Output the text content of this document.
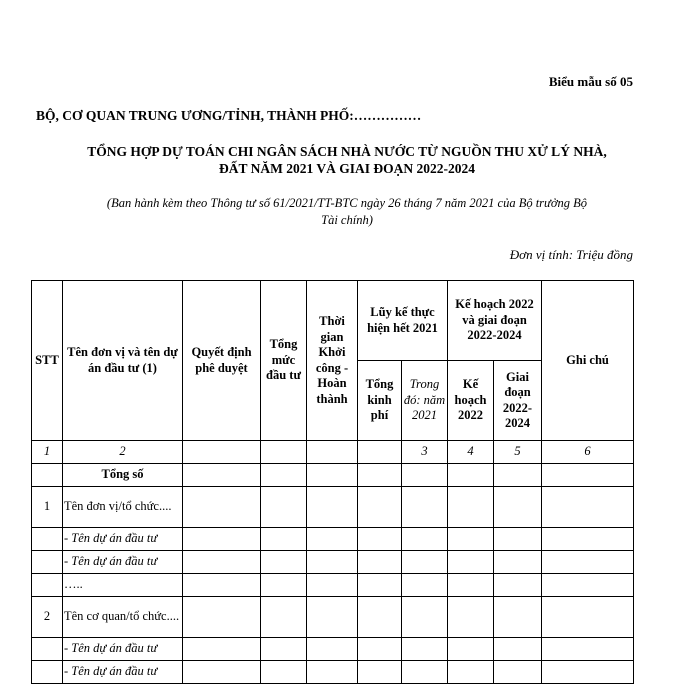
Biểu mẫu số 05
BỘ, CƠ QUAN TRUNG ƯƠNG/TỈNH, THÀNH PHỐ:……………
TỔNG HỢP DỰ TOÁN CHI NGÂN SÁCH NHÀ NƯỚC TỪ NGUỒN THU XỬ LÝ NHÀ,
ĐẤT NĂM 2021 VÀ GIAI ĐOẠN 2022-2024
(Ban hành kèm theo Thông tư số 61/2021/TT-BTC ngày 26 tháng 7 năm 2021 của Bộ trưởng Bộ
Tài chính)
Đơn vị tính: Triệu đồng
STT	Tên đơn vị và tên dự án đầu tư (1)	Quyết định phê duyệt	Tổng mức đầu tư	Thời gian Khởi công - Hoàn thành	Lũy kế thực hiện hết 2021		Kế hoạch 2022 và giai đoạn 2022-2024		Ghi chú
					Tổng kinh phí	Trong đó: năm 2021	Kế hoạch 2022	Giai đoạn 2022-2024	
1	2					3	4	5	6
	Tổng số								
1	Tên đơn vị/tổ chức....								
	- Tên dự án đầu tư								
	- Tên dự án đầu tư								
	…..								
2	Tên cơ quan/tổ chức....								
	- Tên dự án đầu tư								
	- Tên dự án đầu tư								
